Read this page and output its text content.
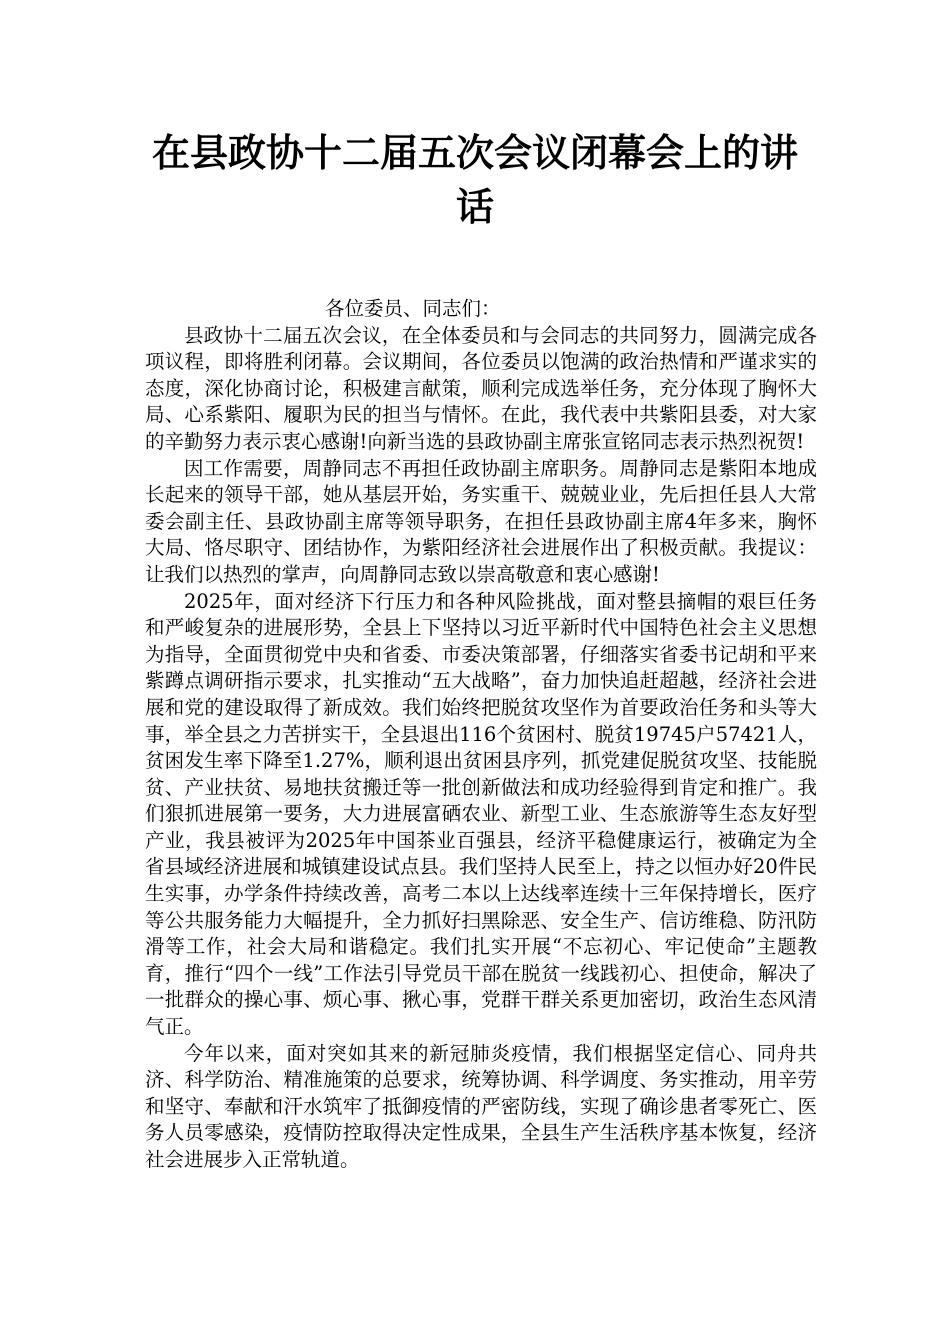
在县政协十二届五次会议闭幕会上的讲话

各位委员、同志们：

县政协十二届五次会议，在全体委员和与会同志的共同努力，圆满完成各项议程，即将胜利闭幕。会议期间，各位委员以饱满的政治热情和严谨求实的态度，深化协商讨论，积极建言献策，顺利完成选举任务，充分体现了胸怀大局、心系紫阳、履职为民的担当与情怀。在此，我代表中共紫阳县委，对大家的辛勤努力表示衷心感谢!向新当选的县政协副主席张宣铭同志表示热烈祝贺!

因工作需要，周静同志不再担任政协副主席职务。周静同志是紫阳本地成长起来的领导干部，她从基层开始，务实重干、兢兢业业，先后担任县人大常委会副主任、县政协副主席等领导职务，在担任县政协副主席4年多来，胸怀大局、恪尽职守、团结协作，为紫阳经济社会进展作出了积极贡献。我提议：让我们以热烈的掌声，向周静同志致以崇高敬意和衷心感谢!

2025年，面对经济下行压力和各种风险挑战，面对整县摘帽的艰巨任务和严峻复杂的进展形势，全县上下坚持以习近平新时代中国特色社会主义思想为指导，全面贯彻党中央和省委、市委决策部署，仔细落实省委书记胡和平来紫蹲点调研指示要求，扎实推动“五大战略”，奋力加快追赶超越，经济社会进展和党的建设取得了新成效。我们始终把脱贫攻坚作为首要政治任务和头等大事，举全县之力苦拼实干，全县退出116个贫困村、脱贫19745户57421人，贫困发生率下降至1.27%，顺利退出贫困县序列，抓党建促脱贫攻坚、技能脱贫、产业扶贫、易地扶贫搬迁等一批创新做法和成功经验得到肯定和推广。我们狠抓进展第一要务，大力进展富硒农业、新型工业、生态旅游等生态友好型产业，我县被评为2025年中国茶业百强县，经济平稳健康运行，被确定为全省县域经济进展和城镇建设试点县。我们坚持人民至上，持之以恒办好20件民生实事，办学条件持续改善，高考二本以上达线率连续十三年保持增长，医疗等公共服务能力大幅提升，全力抓好扫黑除恶、安全生产、信访维稳、防汛防滑等工作，社会大局和谐稳定。我们扎实开展“不忘初心、牢记使命”主题教育，推行“四个一线”工作法引导党员干部在脱贫一线践初心、担使命，解决了一批群众的操心事、烦心事、揪心事，党群干群关系更加密切，政治生态风清气正。

今年以来，面对突如其来的新冠肺炎疫情，我们根据坚定信心、同舟共济、科学防治、精准施策的总要求，统筹协调、科学调度、务实推动，用辛劳和坚守、奉献和汗水筑牢了抵御疫情的严密防线，实现了确诊患者零死亡、医务人员零感染，疫情防控取得决定性成果，全县生产生活秩序基本恢复，经济社会进展步入正常轨道。
